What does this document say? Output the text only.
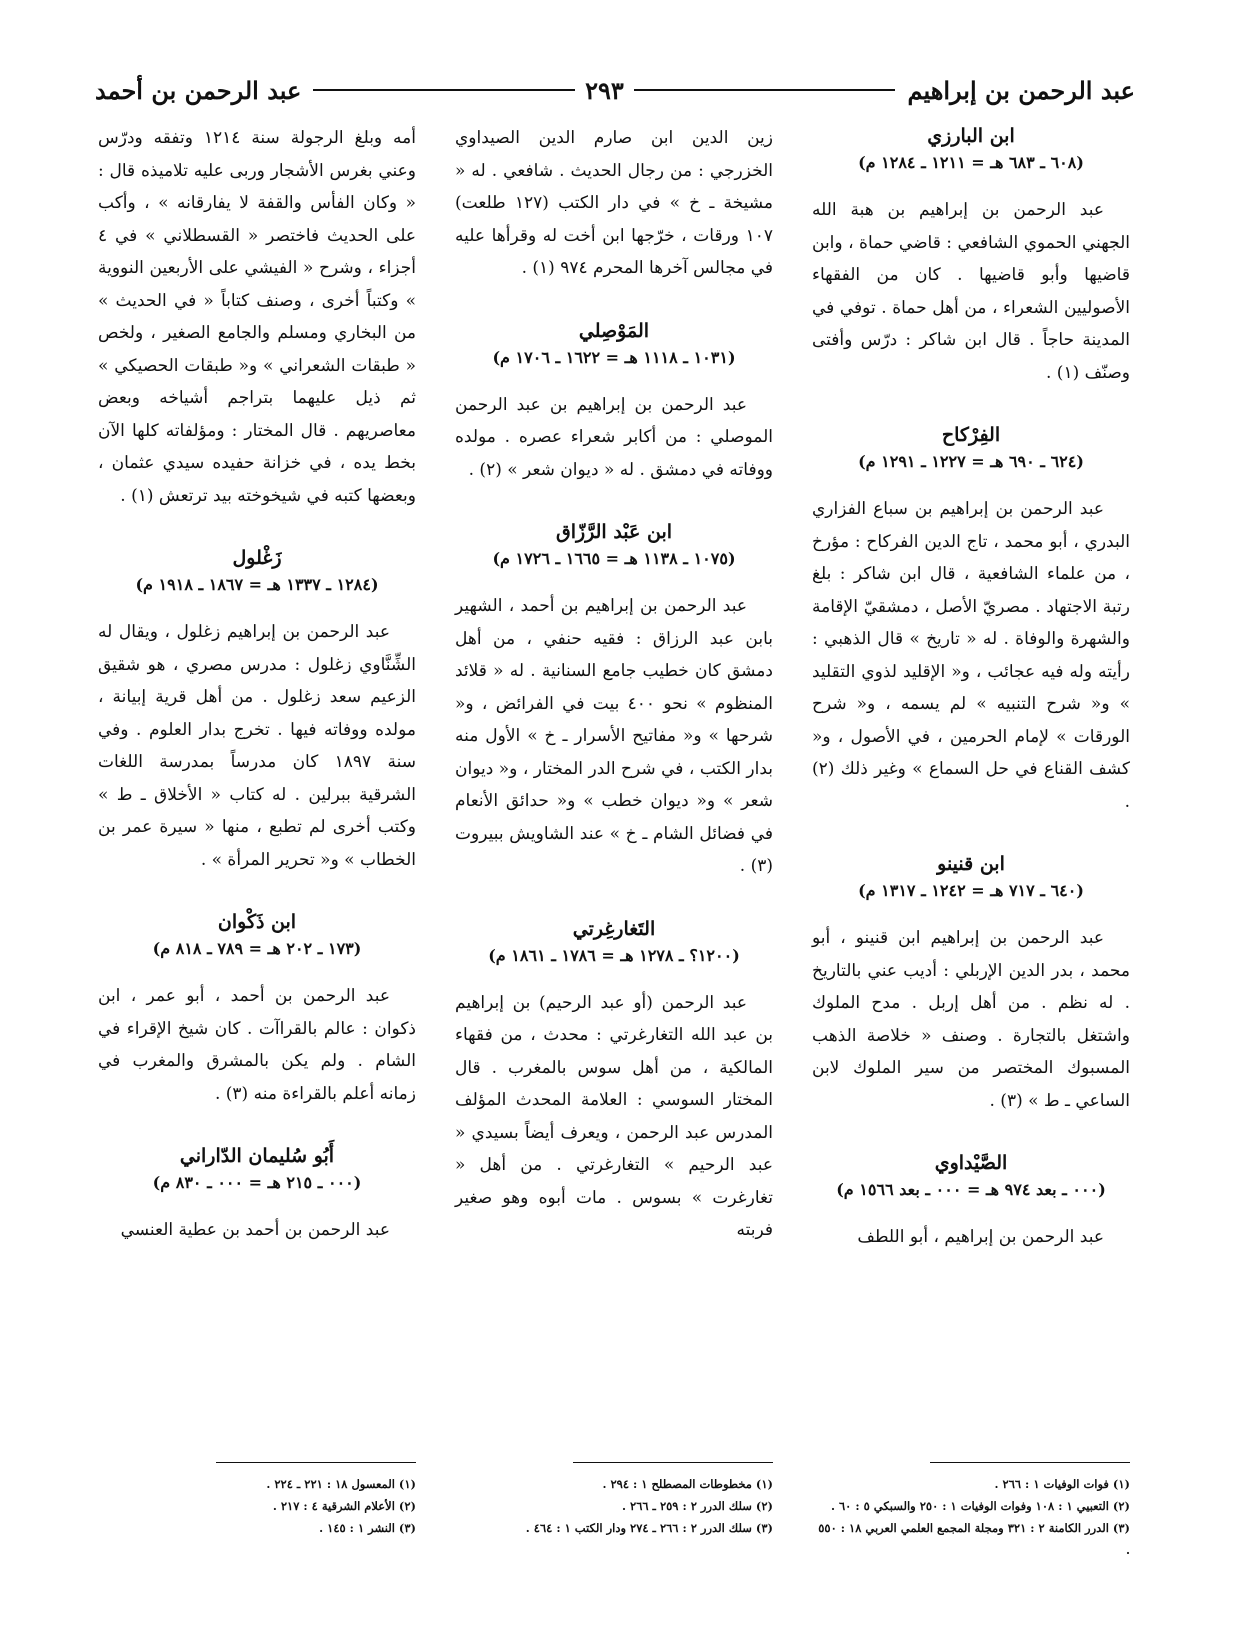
عبد الرحمن بن إبراهيم
٢٩٣
عبد الرحمن بن أحمد
ابن البارزي
(٦٠٨ ـ ٦٨٣ هـ = ١٢١١ ـ ١٢٨٤ م)

عبد الرحمن بن إبراهيم بن هبة الله الجهني الحموي الشافعي : قاضي حماة ، وابن قاضيها وأبو قاضيها . كان من الفقهاء الأصوليين الشعراء ، من أهل حماة . توفي في المدينة حاجاً . قال ابن شاكر : درّس وأفتى وصنّف (١) .

الفِرْكاح
(٦٢٤ ـ ٦٩٠ هـ = ١٢٢٧ ـ ١٢٩١ م)

عبد الرحمن بن إبراهيم بن سباع الفزاري البدري ، أبو محمد ، تاج الدين الفركاح : مؤرخ ، من علماء الشافعية ، قال ابن شاكر : بلغ رتبة الاجتهاد . مصريّ الأصل ، دمشقيّ الإقامة والشهرة والوفاة . له « تاريخ » قال الذهبي : رأيته وله فيه عجائب ، و« الإقليد لذوي التقليد » و« شرح التنبيه » لم يسمه ، و« شرح الورقات » لإمام الحرمين ، في الأصول ، و« كشف القناع في حل السماع » وغير ذلك (٢) .

ابن قنينو
(٦٤٠ ـ ٧١٧ هـ = ١٢٤٢ ـ ١٣١٧ م)

عبد الرحمن بن إبراهيم ابن قنينو ، أبو محمد ، بدر الدين الإربلي : أديب عني بالتاريخ . له نظم . من أهل إربل . مدح الملوك واشتغل بالتجارة . وصنف « خلاصة الذهب المسبوك المختصر من سير الملوك لابن الساعي ـ ط » (٣) .

الصَّيْداوي
(٠٠٠ ـ بعد ٩٧٤ هـ = ٠٠٠ ـ بعد ١٥٦٦ م)

عبد الرحمن بن إبراهيم ، أبو اللطف

(١) فوات الوفيات ١ : ٢٦٦ .
(٢) التعبيي ١ : ١٠٨ وفوات الوفيات ١ : ٢٥٠ والسبكي ٥ : ٦٠ .
(٣) الدرر الكامنة ٢ : ٣٢١ ومجلة المجمع العلمي العربي ١٨ : ٥٥٠ .

زين الدين ابن صارم الدين الصيداوي الخزرجي : من رجال الحديث . شافعي . له « مشيخة ـ خ » في دار الكتب (١٢٧ طلعت) ١٠٧ ورقات ، خرّجها ابن أخت له وقرأها عليه في مجالس آخرها المحرم ٩٧٤ (١) .

المَوْصِلي
(١٠٣١ ـ ١١١٨ هـ = ١٦٢٢ ـ ١٧٠٦ م)

عبد الرحمن بن إبراهيم بن عبد الرحمن الموصلي : من أكابر شعراء عصره . مولده ووفاته في دمشق . له « ديوان شعر » (٢) .

ابن عَبْد الرَّزّاق
(١٠٧٥ ـ ١١٣٨ هـ = ١٦٦٥ ـ ١٧٢٦ م)

عبد الرحمن بن إبراهيم بن أحمد ، الشهير بابن عبد الرزاق : فقيه حنفي ، من أهل دمشق كان خطيب جامع السنانية . له « قلائد المنظوم » نحو ٤٠٠ بيت في الفرائض ، و« شرحها » و« مفاتيح الأسرار ـ خ » الأول منه بدار الكتب ، في شرح الدر المختار ، و« ديوان شعر » و« ديوان خطب » و« حدائق الأنعام في فضائل الشام ـ خ » عند الشاويش ببيروت (٣) .

التَغارغِرتي
(١٢٠٠؟ ـ ١٢٧٨ هـ = ١٧٨٦ ـ ١٨٦١ م)

عبد الرحمن (أو عبد الرحيم) بن إبراهيم بن عبد الله التغارغرتي : محدث ، من فقهاء المالكية ، من أهل سوس بالمغرب . قال المختار السوسي : العلامة المحدث المؤلف المدرس عبد الرحمن ، ويعرف أيضاً بسيدي « عبد الرحيم » التغارغرتي . من أهل « تغارغرت » بسوس . مات أبوه وهو صغير فربته

(١) مخطوطات المصطلح ١ : ٢٩٤ .
(٢) سلك الدرر ٢ : ٢٥٩ ـ ٢٦٦ .
(٣) سلك الدرر ٢ : ٢٦٦ ـ ٢٧٤ ودار الكتب ١ : ٤٦٤ .

أمه وبلغ الرجولة سنة ١٢١٤ وتفقه ودرّس وعني بغرس الأشجار وربى عليه تلاميذه قال : « وكان الفأس والقفة لا يفارقانه » ، وأكب على الحديث فاختصر « القسطلاني » في ٤ أجزاء ، وشرح « الفيشي على الأربعين النووية » وكتباً أخرى ، وصنف كتاباً « في الحديث » من البخاري ومسلم والجامع الصغير ، ولخص « طبقات الشعراني » و« طبقات الحصيكي » ثم ذيل عليهما بتراجم أشياخه وبعض معاصريهم . قال المختار : ومؤلفاته كلها الآن بخط يده ، في خزانة حفيده سيدي عثمان ، وبعضها كتبه في شيخوخته بيد ترتعش (١) .

زَغْلول
(١٢٨٤ ـ ١٣٣٧ هـ = ١٨٦٧ ـ ١٩١٨ م)

عبد الرحمن بن إبراهيم زغلول ، ويقال له الشِّنَّاوي زغلول : مدرس مصري ، هو شقيق الزعيم سعد زغلول . من أهل قرية إبيانة ، مولده ووفاته فيها . تخرج بدار العلوم . وفي سنة ١٨٩٧ كان مدرساً بمدرسة اللغات الشرقية ببرلين . له كتاب « الأخلاق ـ ط » وكتب أخرى لم تطبع ، منها « سيرة عمر بن الخطاب » و« تحرير المرأة » .

ابن ذَكْوان
(١٧٣ ـ ٢٠٢ هـ = ٧٨٩ ـ ٨١٨ م)

عبد الرحمن بن أحمد ، أبو عمر ، ابن ذكوان : عالم بالقراآت . كان شيخ الإقراء في الشام . ولم يكن بالمشرق والمغرب في زمانه أعلم بالقراءة منه (٣) .

أَبُو سُليمان الدّاراني
(٠٠٠ ـ ٢١٥ هـ = ٠٠٠ ـ ٨٣٠ م)

عبد الرحمن بن أحمد بن عطية العنسي

(١) المعسول ١٨ : ٢٢١ ـ ٢٢٤ .
(٢) الأعلام الشرقية ٤ : ٢١٧ .
(٣) النشر ١ : ١٤٥ .
